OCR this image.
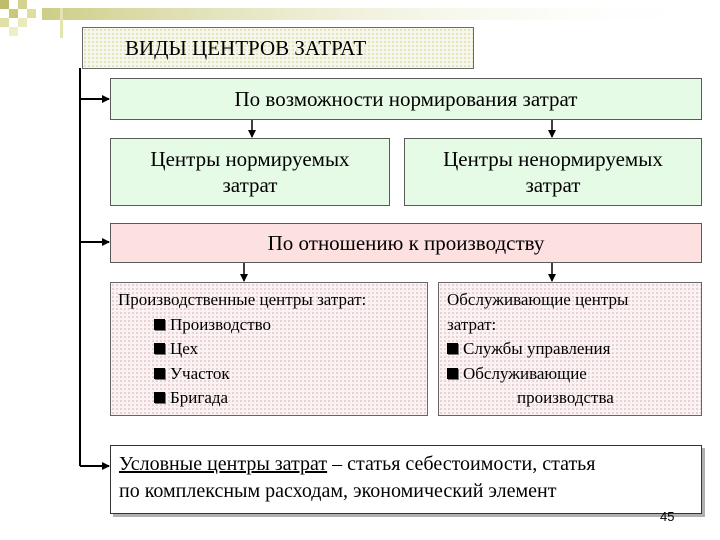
ВИДЫ ЦЕНТРОВ ЗАТРАТ
По возможности нормирования затрат
Центры нормируемых
затрат
Центры ненормируемых
затрат
По отношению к производству
Производственные центры затрат:
Производство
Цех
Участок
Бригада
Обслуживающие центры
затрат:
Службы управления
Обслуживающие
производства
Условные центры затрат – статья себестоимости, статья
по комплексным расходам, экономический элемент
45
